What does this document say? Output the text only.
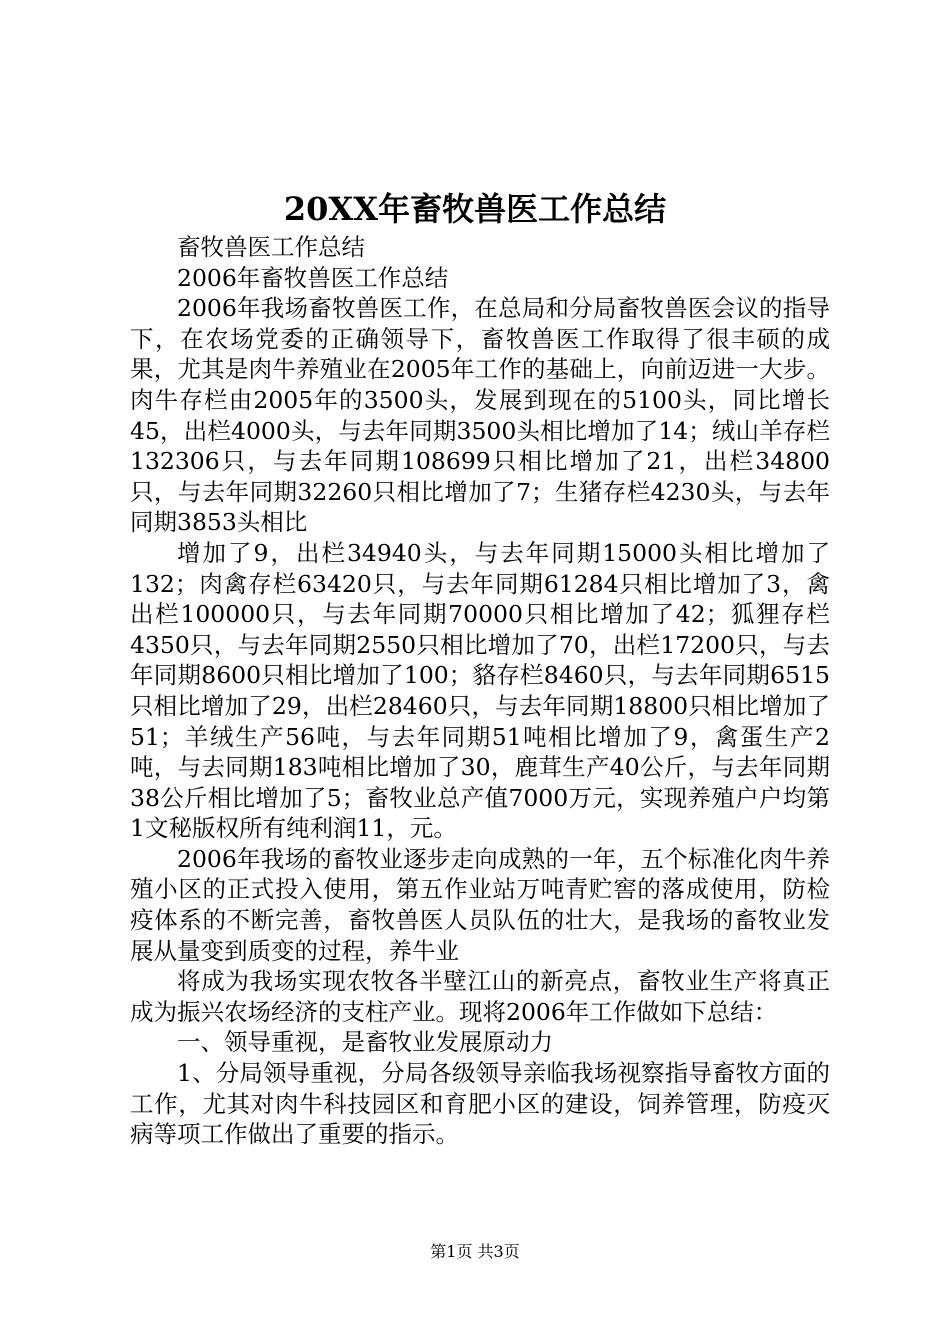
20XX年畜牧兽医工作总结

畜牧兽医工作总结

2006年畜牧兽医工作总结

2006年我场畜牧兽医工作，在总局和分局畜牧兽医会议的指导下，在农场党委的正确领导下，畜牧兽医工作取得了很丰硕的成果，尤其是肉牛养殖业在2005年工作的基础上，向前迈进一大步。肉牛存栏由2005年的3500头，发展到现在的5100头，同比增长45，出栏4000头，与去年同期3500头相比增加了14；绒山羊存栏132306只，与去年同期108699只相比增加了21，出栏34800只，与去年同期32260只相比增加了7；生猪存栏4230头，与去年同期3853头相比

增加了9，出栏34940头，与去年同期15000头相比增加了132；肉禽存栏63420只，与去年同期61284只相比增加了3，禽出栏100000只，与去年同期70000只相比增加了42；狐狸存栏4350只，与去年同期2550只相比增加了70，出栏17200只，与去年同期8600只相比增加了100；貉存栏8460只，与去年同期6515只相比增加了29，出栏28460只，与去年同期18800只相比增加了51；羊绒生产56吨，与去年同期51吨相比增加了9，禽蛋生产2吨，与去同期183吨相比增加了30，鹿茸生产40公斤，与去年同期38公斤相比增加了5；畜牧业总产值7000万元，实现养殖户户均第1文秘版权所有纯利润11，元。

2006年我场的畜牧业逐步走向成熟的一年，五个标准化肉牛养殖小区的正式投入使用，第五作业站万吨青贮窖的落成使用，防检疫体系的不断完善，畜牧兽医人员队伍的壮大，是我场的畜牧业发展从量变到质变的过程，养牛业

将成为我场实现农牧各半壁江山的新亮点，畜牧业生产将真正成为振兴农场经济的支柱产业。现将2006年工作做如下总结：

一、领导重视，是畜牧业发展原动力

1、分局领导重视，分局各级领导亲临我场视察指导畜牧方面的工作，尤其对肉牛科技园区和育肥小区的建设，饲养管理，防疫灭病等项工作做出了重要的指示。

第1页 共3页
